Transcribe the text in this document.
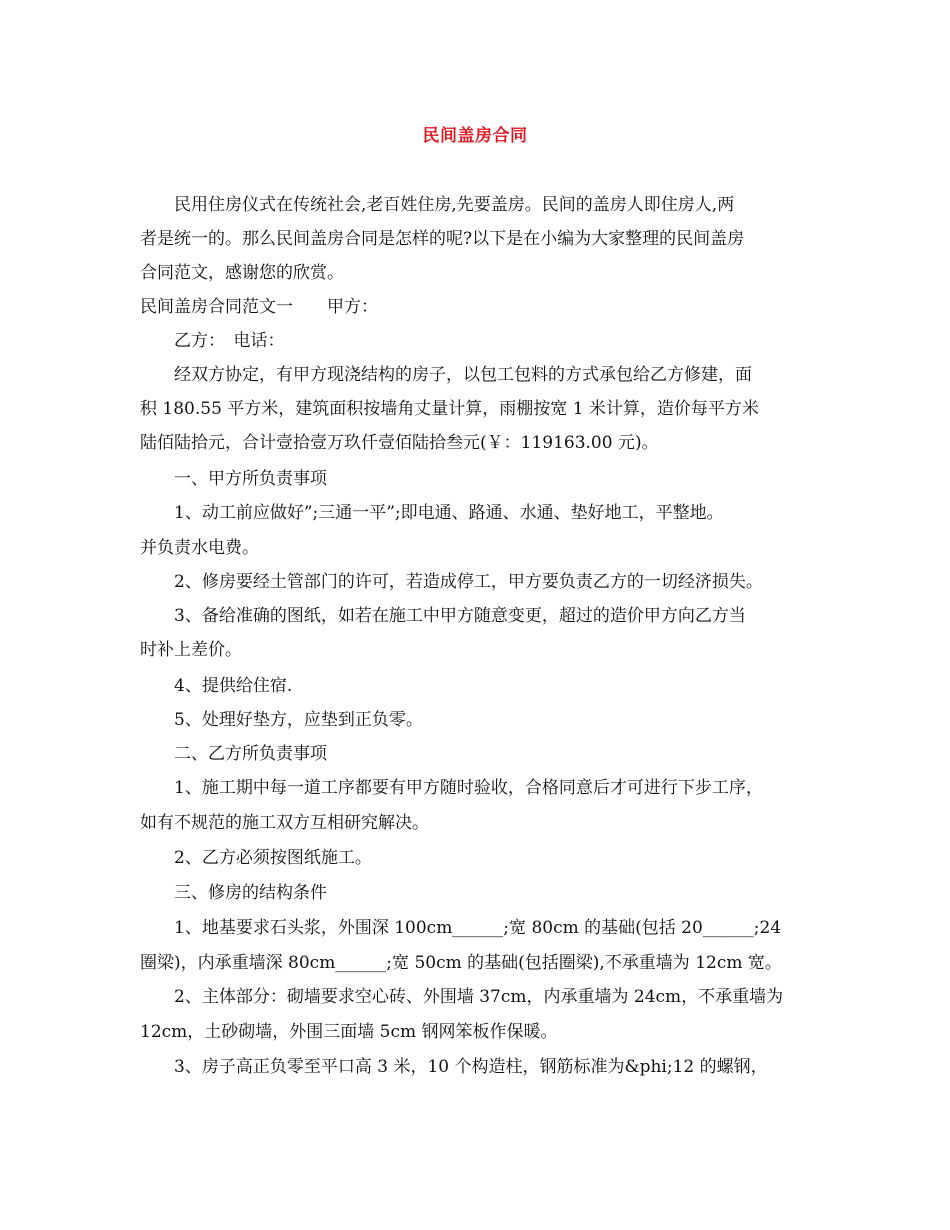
民间盖房合同
民用住房仪式在传统社会,老百姓住房,先要盖房。民间的盖房人即住房人,两
者是统一的。那么民间盖房合同是怎样的呢?以下是在小编为大家整理的民间盖房
合同范文，感谢您的欣赏。
民间盖房合同范文一　　甲方：
乙方：　电话：
经双方协定，有甲方现浇结构的房子，以包工包料的方式承包给乙方修建，面
积 180.55 平方米，建筑面积按墙角丈量计算，雨棚按宽 1 米计算，造价每平方米
陆佰陆拾元，合计壹拾壹万玖仟壹佰陆拾叁元(￥：119163.00 元)。
一、甲方所负责事项
1、动工前应做好”;三通一平”;即电通、路通、水通、垫好地工，平整地。
并负责水电费。
2、修房要经土管部门的许可，若造成停工，甲方要负责乙方的一切经济损失。
3、备给准确的图纸，如若在施工中甲方随意变更，超过的造价甲方向乙方当
时补上差价。
4、提供给住宿.
5、处理好垫方，应垫到正负零。
二、乙方所负责事项
1、施工期中每一道工序都要有甲方随时验收，合格同意后才可进行下步工序，
如有不规范的施工双方互相研究解决。
2、乙方必须按图纸施工。
三、修房的结构条件
1、地基要求石头浆，外围深 100cm______;宽 80cm 的基础(包括 20______;24
圈梁)，内承重墙深 80cm______;宽 50cm 的基础(包括圈梁),不承重墙为 12cm 宽。
2、主体部分：砌墙要求空心砖、外围墙 37cm，内承重墙为 24cm，不承重墙为
12cm，土砂砌墙，外围三面墙 5cm 钢网笨板作保暖。
3、房子高正负零至平口高 3 米，10 个构造柱，钢筋标准为&phi;12 的螺钢，
